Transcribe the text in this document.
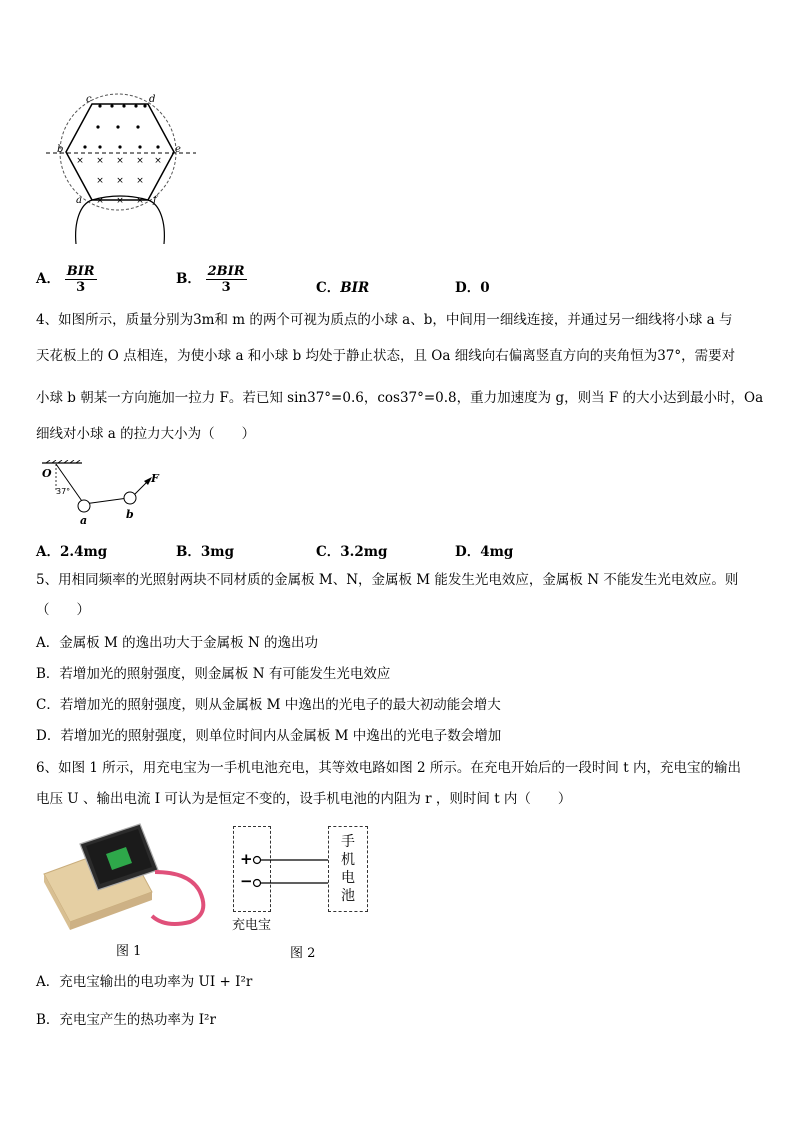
× × × × ×
× × ×
× × ×
c	d
b	e
a	f
A． $\frac{\text{BIR}}{3}$	B． $\frac{\text{2BIR}}{3}$	C．BIR	D．0
4、如图所示，质量分别为3m和 m 的两个可视为质点的小球 a、b，中间用一细线连接，并通过另一细线将小球 a 与
天花板上的 O 点相连，为使小球 a 和小球 b 均处于静止状态，且 Oa 细线向右偏离竖直方向的夹角恒为37°，需要对
小球 b 朝某一方向施加一拉力 F。若已知 sin37°=0.6，cos37°=0.8，重力加速度为 g，则当 F 的大小达到最小时，Oa
细线对小球 a 的拉力大小为（　　）
O
37°
a	b
F
A．2.4mg	B．3mg	C．3.2mg	D．4mg
5、用相同频率的光照射两块不同材质的金属板 M、N，金属板 M 能发生光电效应，金属板 N 不能发生光电效应。则
（　　）
A．金属板 M 的逸出功大于金属板 N 的逸出功
B．若增加光的照射强度，则金属板 N 有可能发生光电效应
C．若增加光的照射强度，则从金属板 M 中逸出的光电子的最大初动能会增大
D．若增加光的照射强度，则单位时间内从金属板 M 中逸出的光电子数会增加
6、如图 1 所示，用充电宝为一手机电池充电，其等效电路如图 2 所示。在充电开始后的一段时间 t 内，充电宝的输出
电压 U 、输出电流 I 可认为是恒定不变的，设手机电池的内阻为 r ，则时间 t 内（　　）
+
−
手
机
电
池
充电宝
图 1	图 2
A．充电宝输出的电功率为 UI + I²r
B．充电宝产生的热功率为 I²r
